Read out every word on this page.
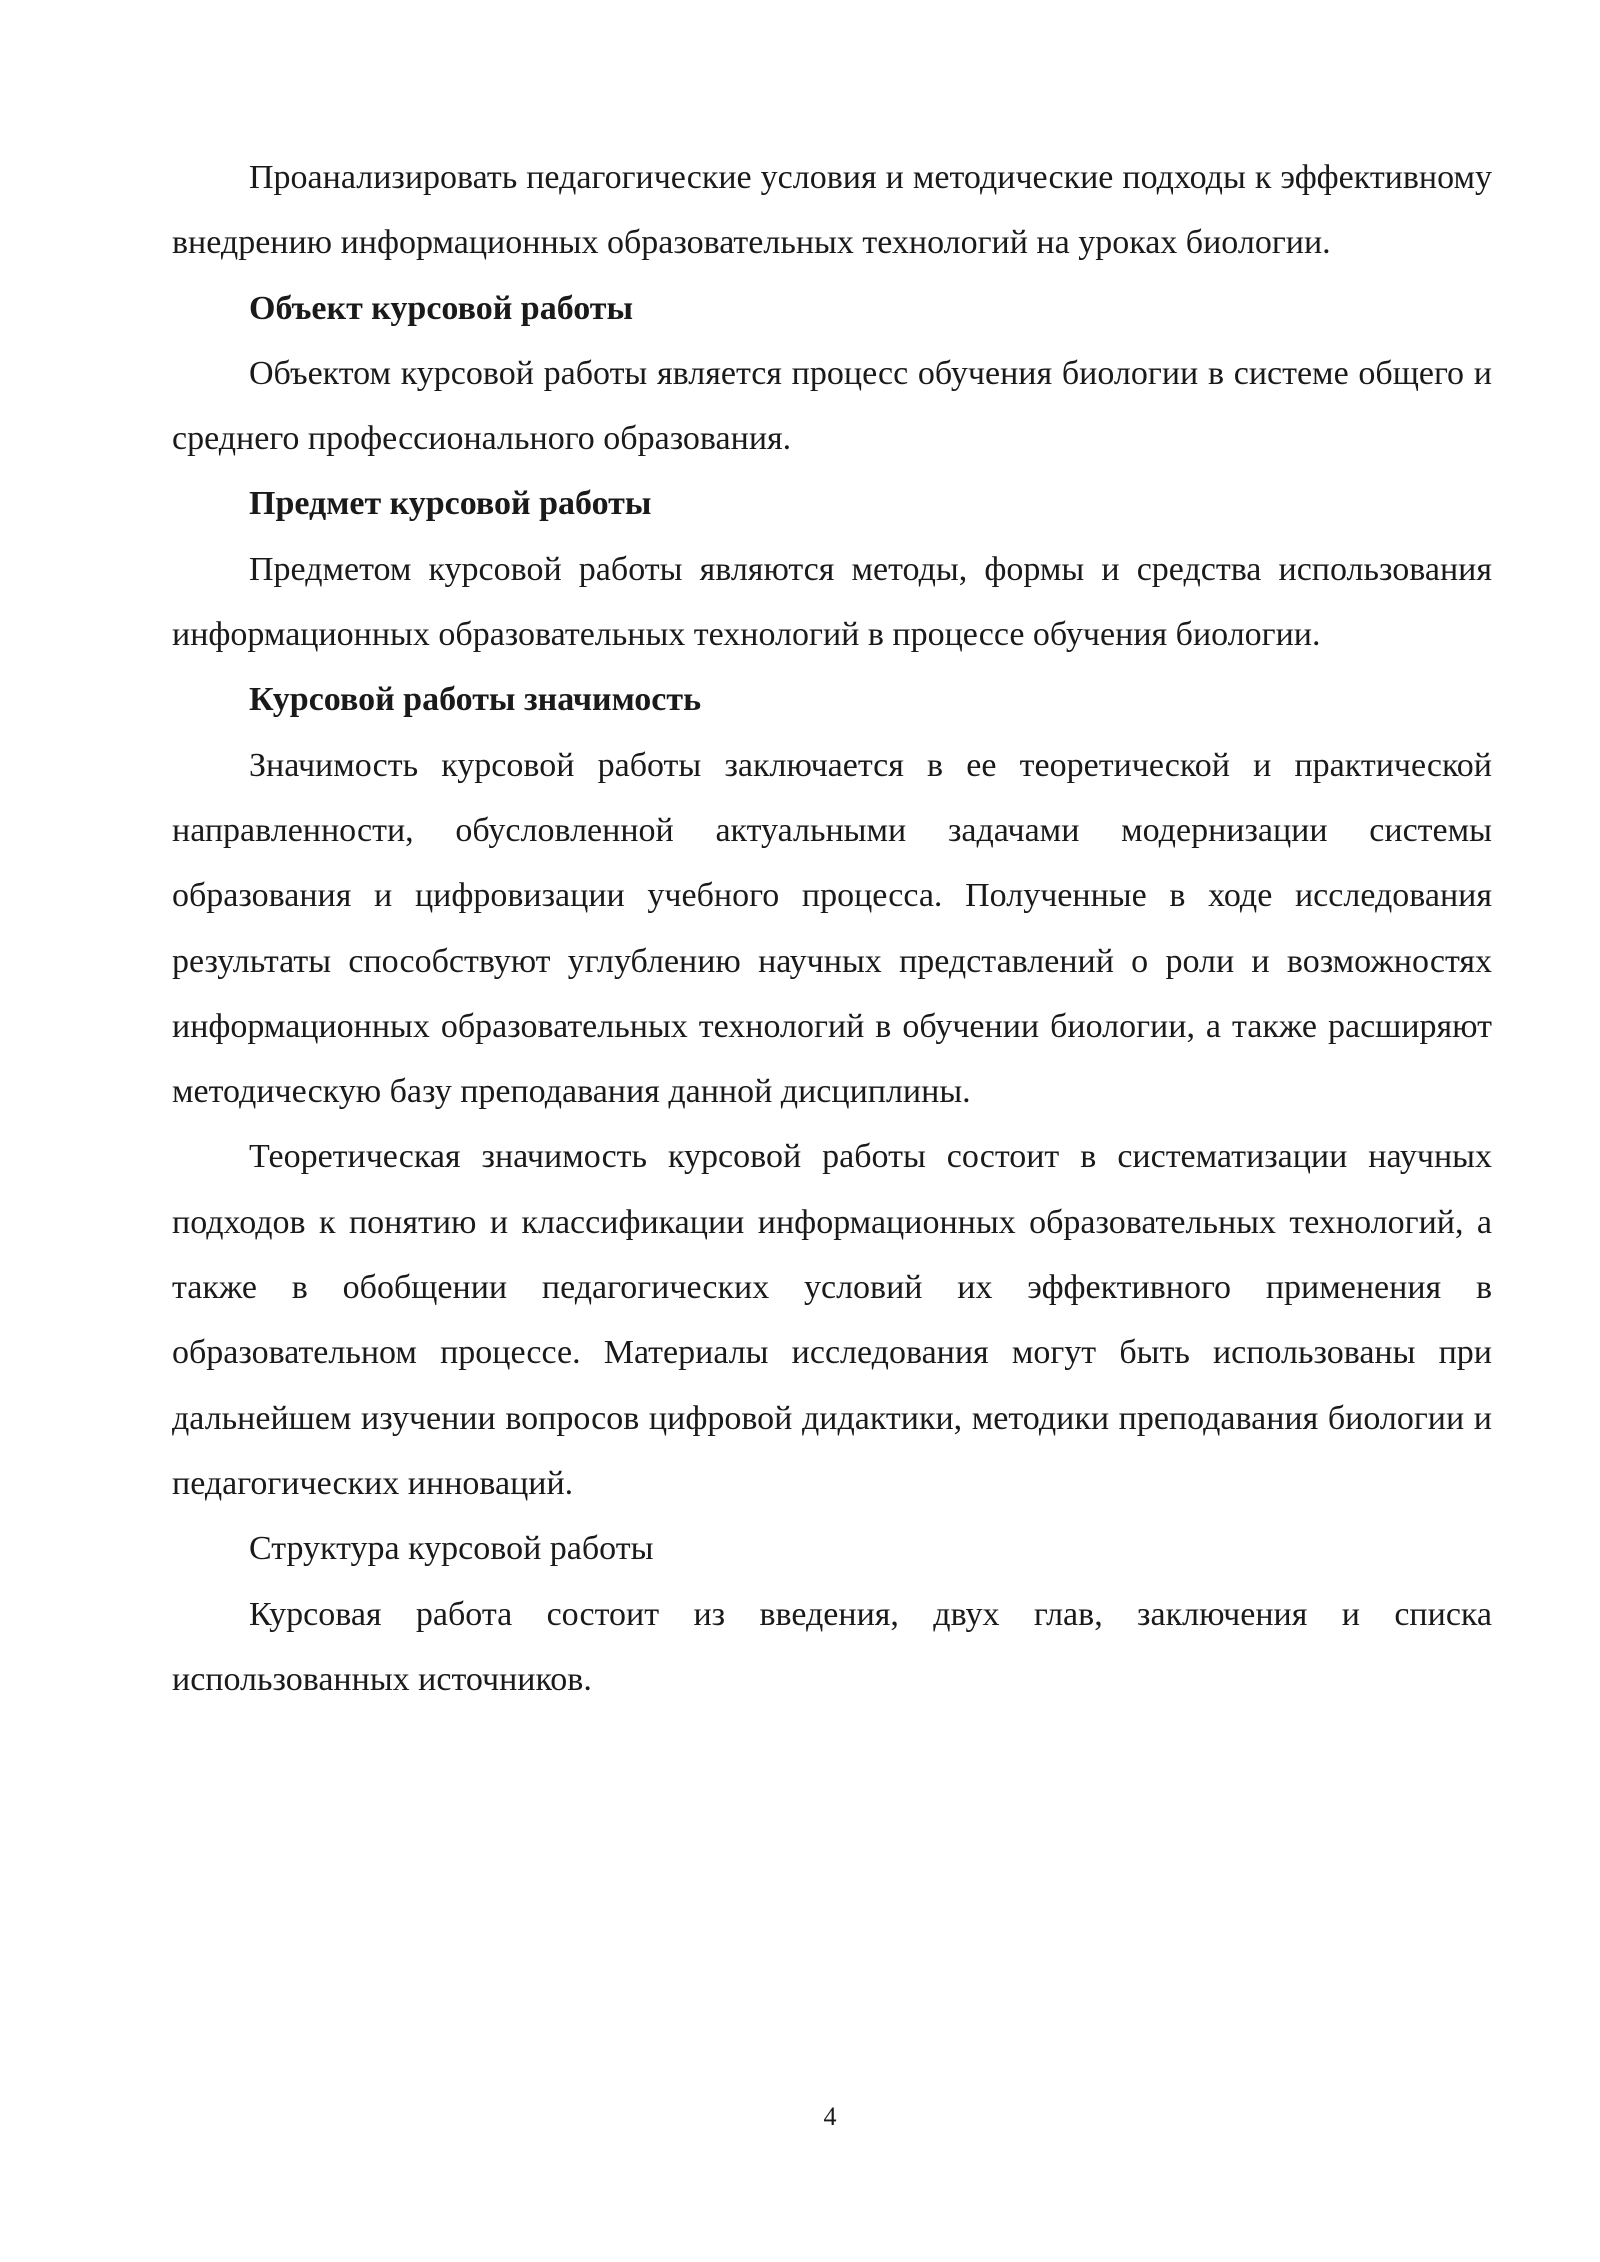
Проанализировать педагогические условия и методические подходы к эффективному внедрению информационных образовательных технологий на уроках биологии.

Объект курсовой работы

Объектом курсовой работы является процесс обучения биологии в системе общего и среднего профессионального образования.

Предмет курсовой работы

Предметом курсовой работы являются методы, формы и средства использования информационных образовательных технологий в процессе обучения биологии.

Курсовой работы значимость

Значимость курсовой работы заключается в ее теоретической и практической направленности, обусловленной актуальными задачами модернизации системы образования и цифровизации учебного процесса. Полученные в ходе исследования результаты способствуют углублению научных представлений о роли и возможностях информационных образовательных технологий в обучении биологии, а также расширяют методическую базу преподавания данной дисциплины.

Теоретическая значимость курсовой работы состоит в систематизации научных подходов к понятию и классификации информационных образовательных технологий, а также в обобщении педагогических условий их эффективного применения в образовательном процессе. Материалы исследования могут быть использованы при дальнейшем изучении вопросов цифровой дидактики, методики преподавания биологии и педагогических инноваций.

Структура курсовой работы

Курсовая работа состоит из введения, двух глав, заключения и списка использованных источников.

4
